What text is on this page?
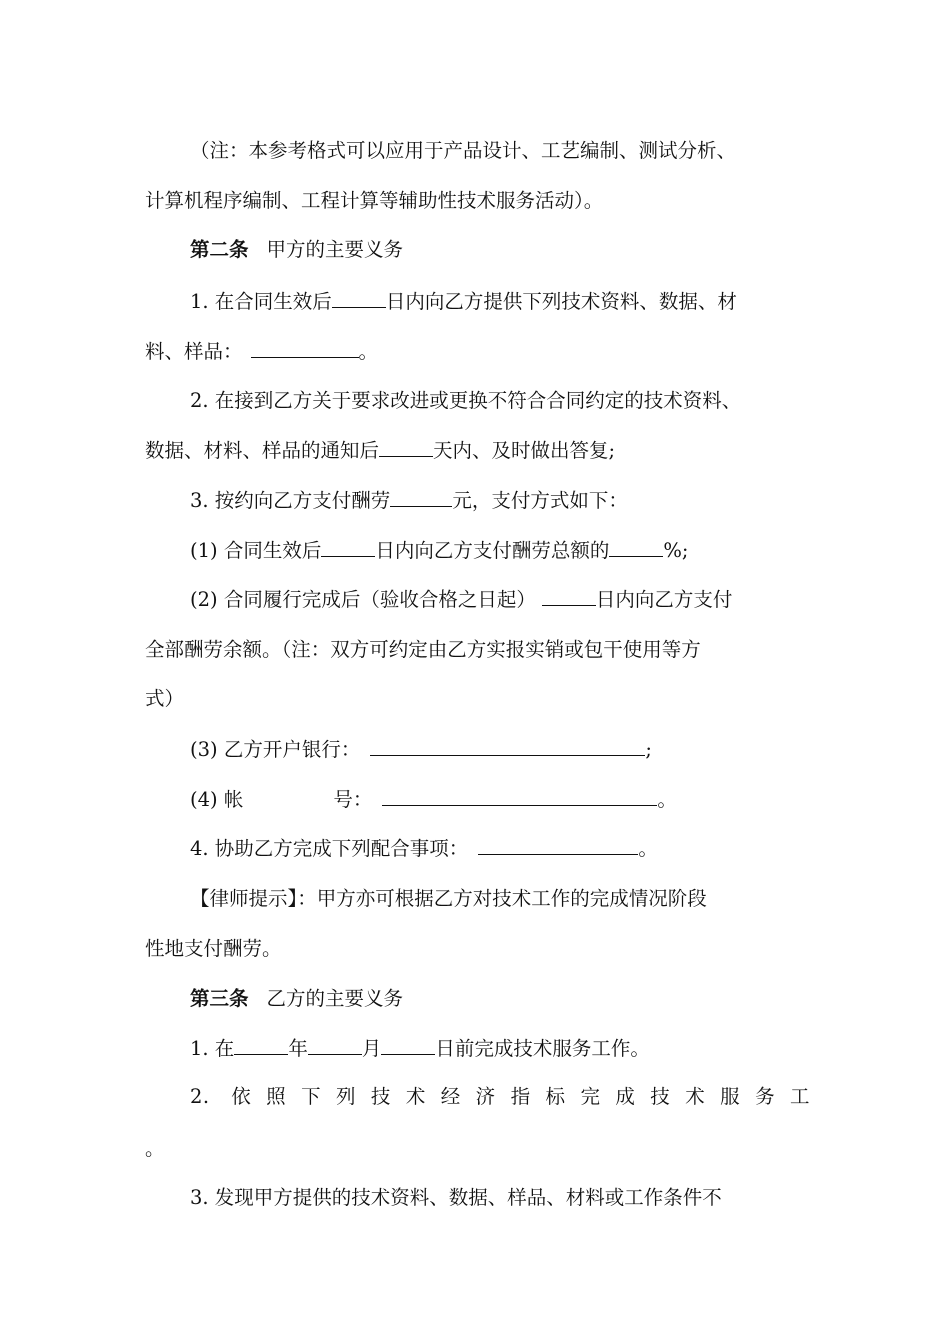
（注：本参考格式可以应用于产品设计、工艺编制、测试分析、
计算机程序编制、工程计算等辅助性技术服务活动）。
第二条 甲方的主要义务
1. 在合同生效后	日内向乙方提供下列技术资料、数据、材
料、样品：	。
2. 在接到乙方关于要求改进或更换不符合合同约定的技术资料、
数据、材料、样品的通知后	天内、及时做出答复;
3. 按约向乙方支付酬劳	元，支付方式如下：
(1) 合同生效后	日内向乙方支付酬劳总额的	%;
(2) 合同履行完成后（验收合格之日起）	日内向乙方支付
全部酬劳余额。（注：双方可约定由乙方实报实销或包干使用等方
式）
(3) 乙方开户银行：	;
(4) 帐	号：	。
4. 协助乙方完成下列配合事项：	。
【律师提示】：甲方亦可根据乙方对技术工作的完成情况阶段
性地支付酬劳。
第三条 乙方的主要义务
1. 在	年	月	日前完成技术服务工作。
2. 依照下列技术经济指标完成技术服务工
。
3. 发现甲方提供的技术资料、数据、样品、材料或工作条件不
